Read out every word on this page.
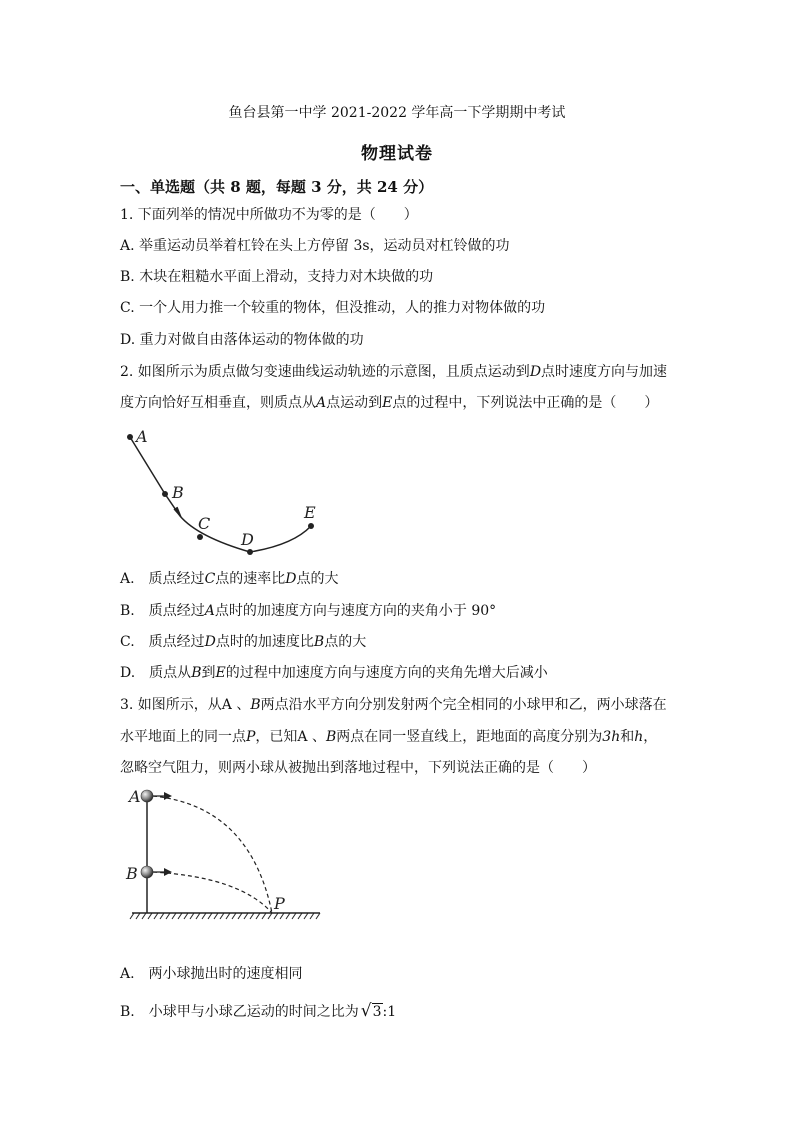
鱼台县第一中学 2021-2022 学年高一下学期期中考试
物理试卷
一、单选题（共 8 题，每题 3 分，共 24 分）
1. 下面列举的情况中所做功不为零的是（　　）
A. 举重运动员举着杠铃在头上方停留 3s，运动员对杠铃做的功
B. 木块在粗糙水平面上滑动，支持力对木块做的功
C. 一个人用力推一个较重的物体，但没推动，人的推力对物体做的功
D. 重力对做自由落体运动的物体做的功
2. 如图所示为质点做匀变速曲线运动轨迹的示意图，且质点运动到D点时速度方向与加速
度方向恰好互相垂直，则质点从A点运动到E点的过程中，下列说法中正确的是（　　）
A
B
C
D
E
A.　质点经过C点的速率比D点的大
B.　质点经过A点时的加速度方向与速度方向的夹角小于 90°
C.　质点经过D点时的加速度比B点的大
D.　质点从B到E的过程中加速度方向与速度方向的夹角先增大后减小
3. 如图所示，从A 、B两点沿水平方向分别发射两个完全相同的小球甲和乙，两小球落在
水平地面上的同一点P，已知A 、B两点在同一竖直线上，距地面的高度分别为3h和h，
忽略空气阻力，则两小球从被抛出到落地过程中，下列说法正确的是（　　）
A
B
P
A.　两小球抛出时的速度相同
B.　小球甲与小球乙运动的时间之比为 √3:1
